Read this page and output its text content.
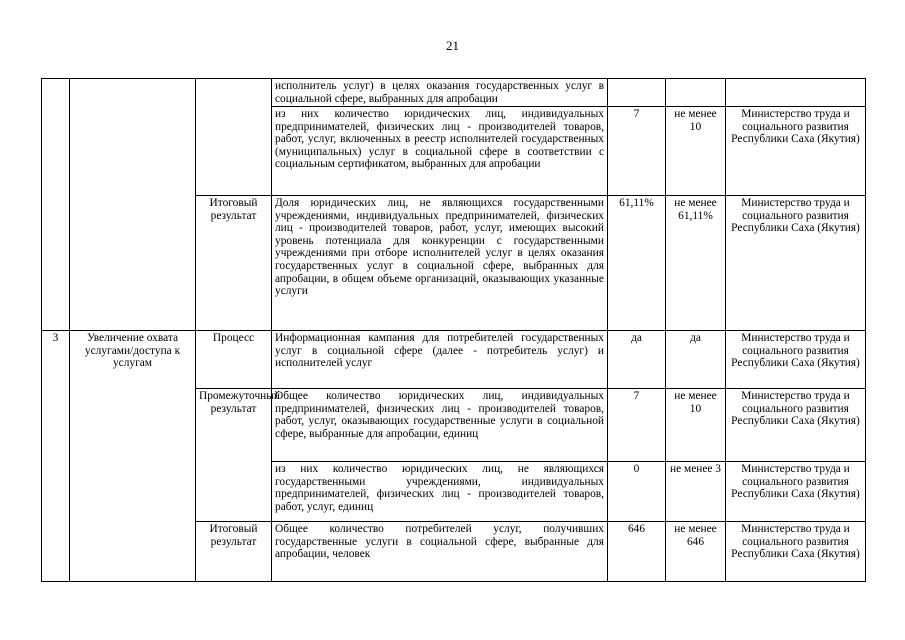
21
			исполнитель услуг) в целях оказания государственных услуг в социальной сфере, выбранных для апробации			
			из них количество юридических лиц, индивидуальных предпринимателей, физических лиц - производителей товаров, работ, услуг, включенных в реестр исполнителей государственных (муниципальных) услуг в социальной сфере в соответствии с социальным сертификатом, выбранных для апробации	7	не менее 10	Министерство труда и социального развития Республики Саха (Якутия)
		Итоговый результат	Доля юридических лиц, не являющихся государственными учреждениями, индивидуальных предпринимателей, физических лиц - производителей товаров, работ, услуг, имеющих высокий уровень потенциала для конкуренции с государственными учреждениями при отборе исполнителей услуг в целях оказания государственных услуг в социальной сфере, выбранных для апробации, в общем объеме организаций, оказывающих указанные услуги	61,11%	не менее 61,11%	Министерство труда и социального развития Республики Саха (Якутия)
3	Увеличение охвата услугами/доступа к услугам	Процесс	Информационная кампания для потребителей государственных услуг в социальной сфере (далее - потребитель услуг) и исполнителей услуг	да	да	Министерство труда и социального развития Республики Саха (Якутия)
		Промежуточный результат	Общее количество юридических лиц, индивидуальных предпринимателей, физических лиц - производителей товаров, работ, услуг, оказывающих государственные услуги в социальной сфере, выбранные для апробации, единиц	7	не менее 10	Министерство труда и социального развития Республики Саха (Якутия)
			из них количество юридических лиц, не являющихся государственными учреждениями, индивидуальных предпринимателей, физических лиц - производителей товаров, работ, услуг, единиц	0	не менее 3	Министерство труда и социального развития Республики Саха (Якутия)
		Итоговый результат	Общее количество потребителей услуг, получивших государственные услуги в социальной сфере, выбранные для апробации, человек	646	не менее 646	Министерство труда и социального развития Республики Саха (Якутия)
